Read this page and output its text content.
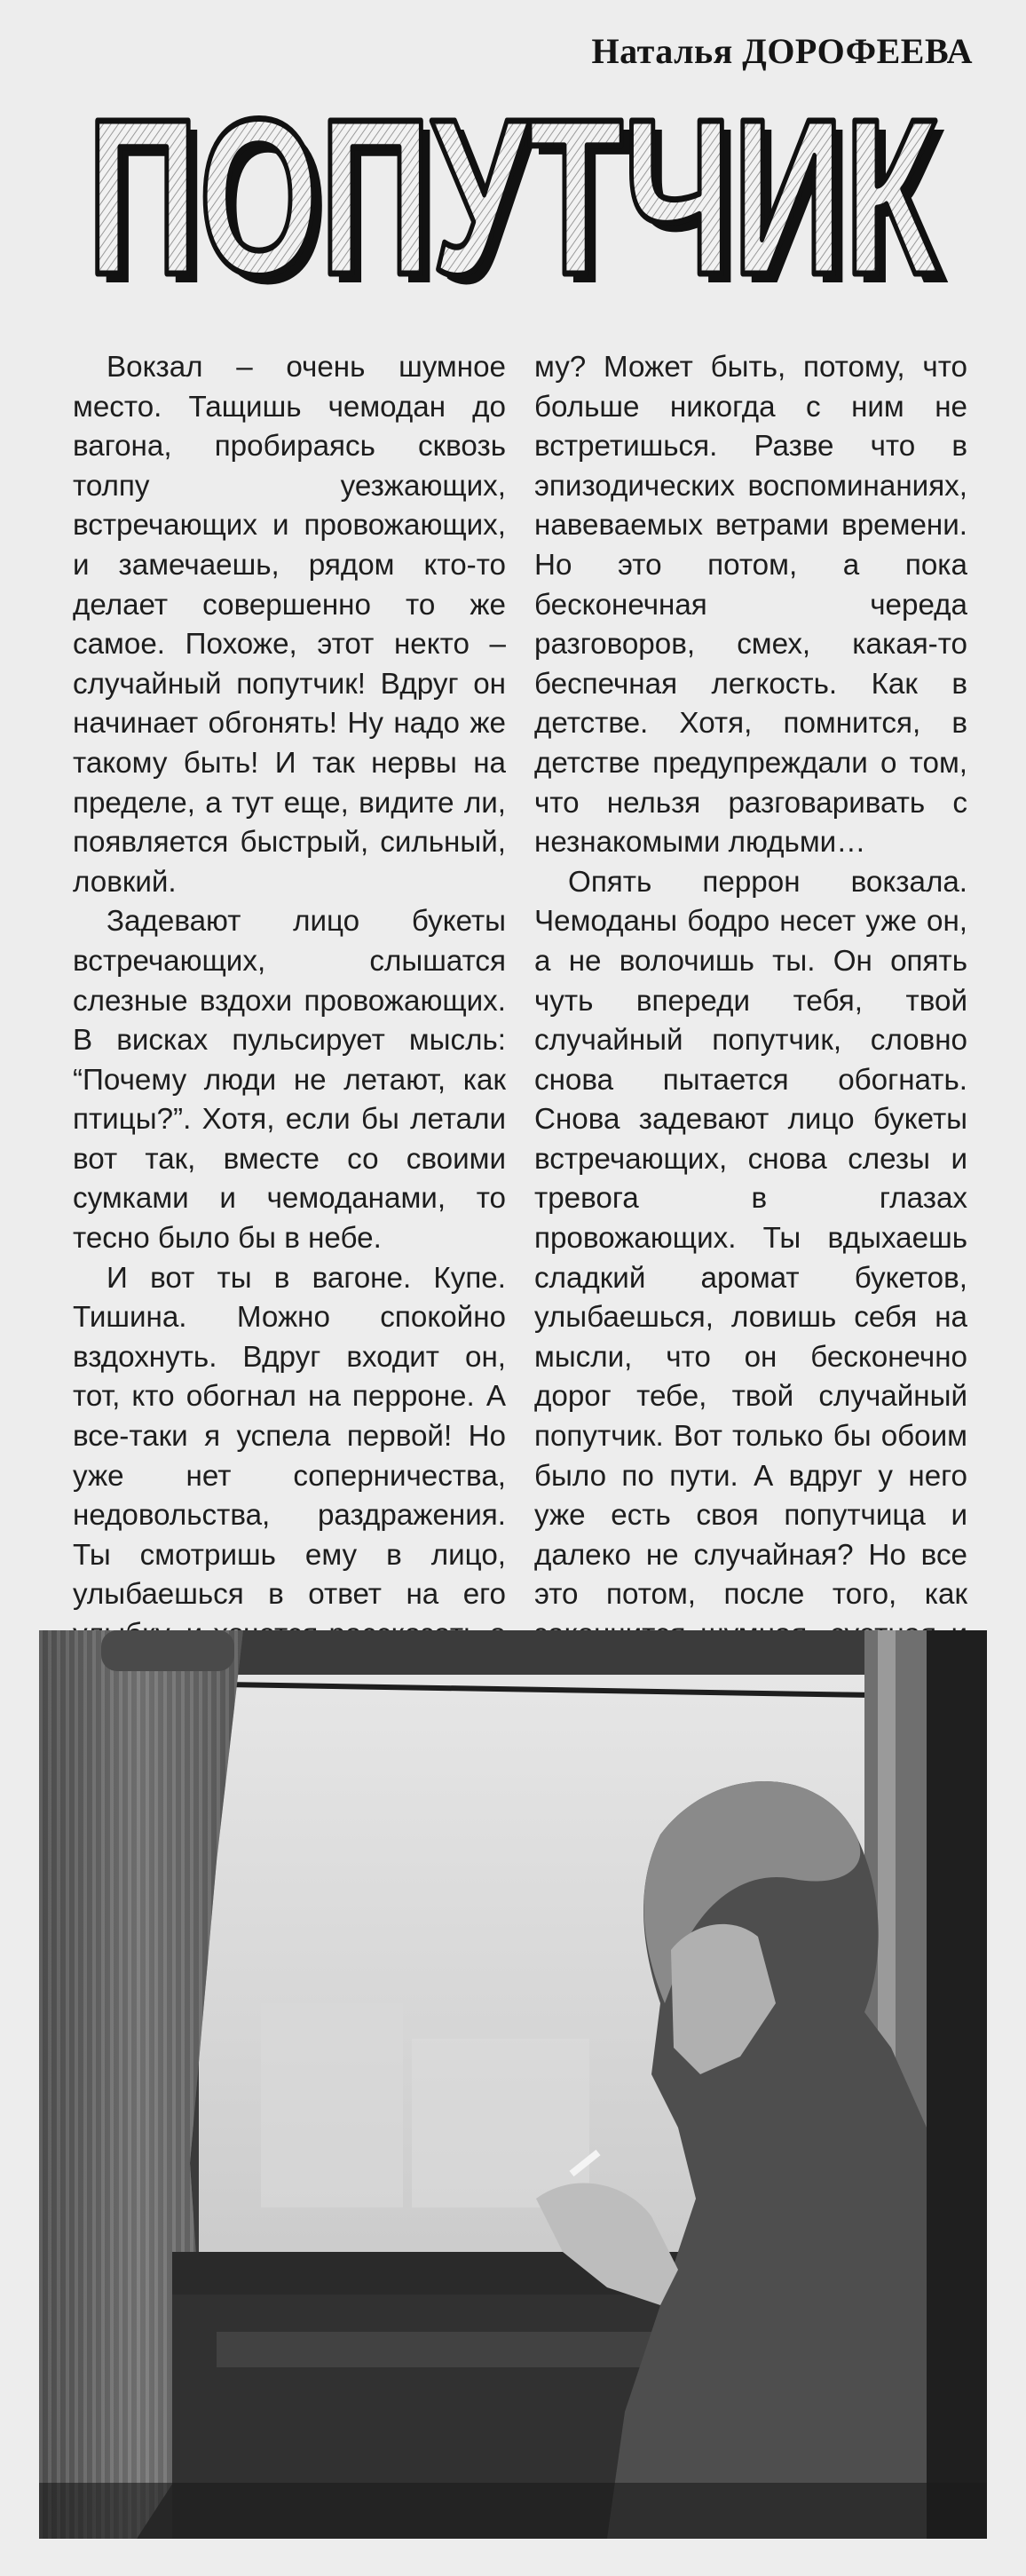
Наталья ДОРОФЕЕВА
ПОПУТЧИК
ПОПУТЧИК

Вокзал – очень шумное место. Тащишь чемодан до вагона, пробираясь сквозь толпу уезжающих, встречающих и провожающих, и замечаешь, рядом кто-то делает совершенно то же самое. Похоже, этот некто – случайный попутчик! Вдруг он начинает обгонять! Ну надо же такому быть! И так нервы на пределе, а тут еще, видите ли, появляется быстрый, сильный, ловкий.

Задевают лицо букеты встречающих, слышатся слезные вздохи провожающих. В висках пульсирует мысль: “Почему люди не летают, как птицы?”. Хотя, если бы летали вот так, вместе со своими сумками и чемоданами, то тесно было бы в небе.

И вот ты в вагоне. Купе. Тишина. Можно спокойно вздохнуть. Вдруг входит он, тот, кто обогнал на перроне. А все-таки я успела первой! Но уже нет соперничества, недовольства, раздражения. Ты смотришь ему в лицо, улыбаешься в ответ на его

му? Может быть, потому, что больше никогда с ним не встретишься. Разве что в эпизодических воспоминаниях, навеваемых ветрами времени. Но это потом, а пока бесконечная череда разговоров, смех, какая-то беспечная легкость. Как в детстве. Хотя, помнится, в детстве предупреждали о том, что нельзя разговаривать с незнакомыми людьми…

Опять перрон вокзала. Чемоданы бодро несет уже он, а не волочишь ты. Он опять чуть впереди тебя, твой случайный попутчик, словно снова пытается обогнать. Снова задевают лицо букеты встречающих, снова слезы и тревога в глазах провожающих. Ты вдыхаешь сладкий аромат букетов, улыбаешься, ловишь себя на мысли, что он бесконечно дорог тебе, твой случайный попутчик. Вот только бы обоим было по пути. А вдруг у него уже есть своя попутчица и далеко не случайная? Но все это потом, после того, как
